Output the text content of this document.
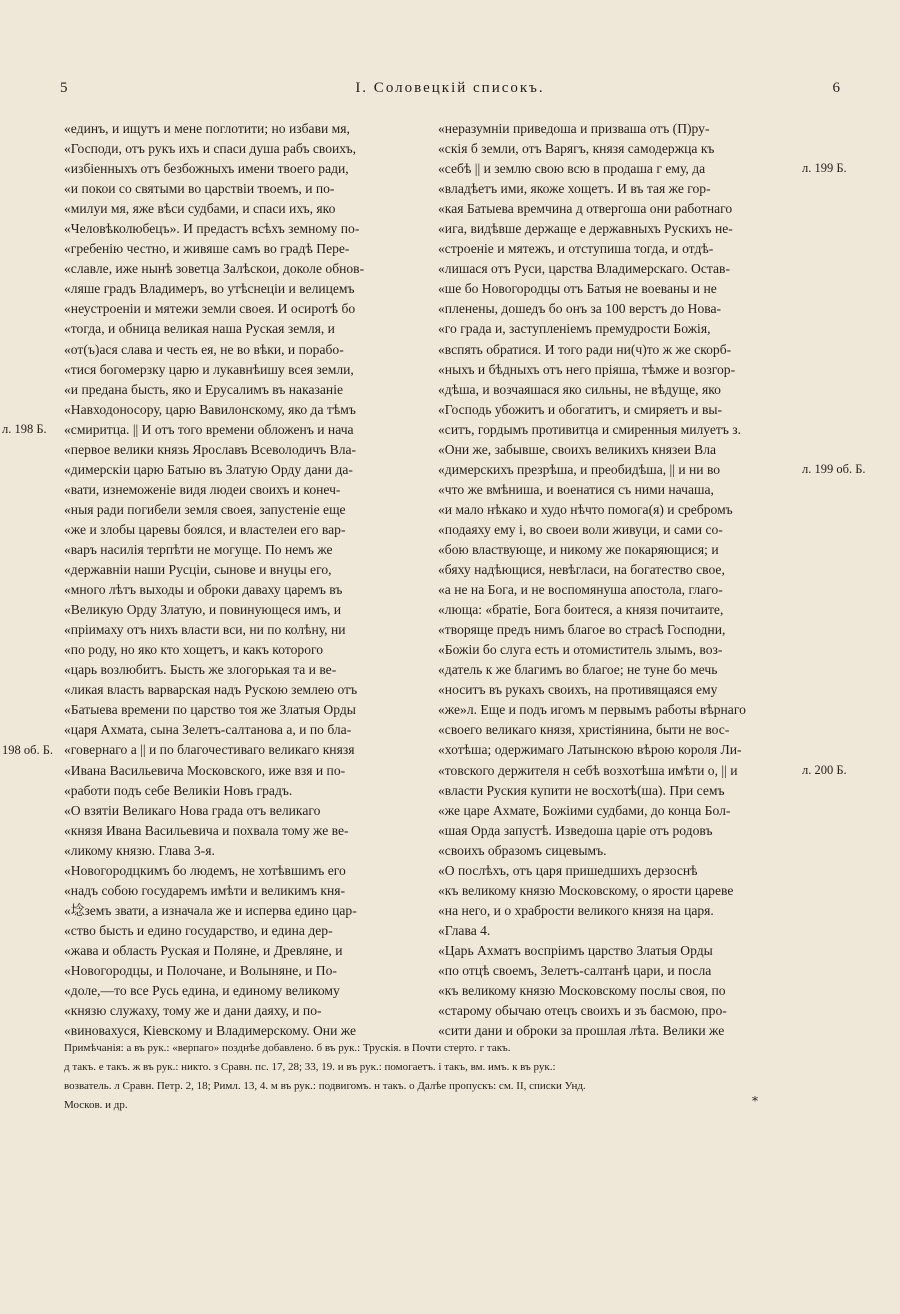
5	I. Соловецкій списокъ.	6
«единъ, и ищутъ и мене поглотити; но избави мя,
«Господи, отъ рукъ ихъ и спаси душа рабъ своихъ,
«избіенныхъ отъ безбожныхъ имени твоего ради,
«и покои со святыми во царствіи твоемъ, и по-
«милуи мя, яже вѣси судбами, и спаси ихъ, яко
«Человѣколюбецъ». И предастъ всѣхъ земному по-
«гребенію честно, и живяше самъ во градѣ Пере-
«славле, иже нынѣ зоветца Залѣскои, доколе обнов-
«ляше градъ Владимеръ, во утѣснеціи и велицемъ
«неустроеніи и мятежи земли своея. И осиротѣ бо
«тогда, и обница великая наша Руская земля, и
«от(ъ)ася слава и честь ея, не во вѣки, и порабо-
«тися богомерзку царю и лукавнѣишу всея земли,
«и предана бысть, яко и Ерусалимъ въ наказаніе
«Навходоносору, царю Вавилонскому, яко да тѣмъ
«смиритца. || И отъ того времени обложенъ и нача
«первое велики князь Ярославъ Всеволодичъ Вла-
«димерскіи царю Батыю въ Златую Орду дани да-
«вати, изнеможеніе видя людеи своихъ и конеч-
«ныя ради погибели земля своея, запустеніе еще
«же и злобы царевы боялся, и властелеи его вар-
«варъ насилія терпѣти не могуще. По немъ же
«державніи наши Русціи, сынове и внуцы его,
«много лѣтъ выходы и оброки даваху царемъ въ
«Великую Орду Златую, и повинующеся имъ, и
«пріимаху отъ нихъ власти вси, ни по колѣну, ни
«по роду, но яко кто хощетъ, и какъ которого
«царь возлюбитъ. Бысть же злогорькая та и ве-
«ликая власть варварская надъ Рускою землею отъ
«Батыева времени по царство тоя же Златыя Орды
«царя Ахмата, сына Зелетъ-салтанова а, и по бла-
«говернаго а || и по благочестиваго великаго князя
«Ивана Васильевича Московского, иже взя и по-
«работи подъ себе Великіи Новъ градъ.
«О взятіи Великаго Нова града отъ великаго
«князя Ивана Васильевича и похвала тому же ве-
«ликому князю. Глава 3-я.
«Новогородцкимъ бо людемъ, не хотѣвшимъ его
«надъ собою государемъ имѣти и великимъ кня-
«埝земъ звати, а изначала же и исперва едино цар-
«ство бысть и едино государство, и едина дер-
«жава и область Руская и Поляне, и Древляне, и
«Новогородцы, и Полочане, и Волыняне, и По-
«доле,—то все Русь едина, и единому великому
«князю служаху, тому же и дани даяху, и по-
«виновахуся, Кіевскому и Владимерскому. Они же
«неразумніи приведоша и призваша отъ (П)ру-
«скія б земли, отъ Варягъ, князя самодержца къ
«себѣ || и землю свою всю в продаша г ему, да
«владѣетъ ими, якоже хощетъ. И въ тая же гор-
«кая Батыева времчина д отвергоша они работнаго
«ига, видѣвше держаще е державныхъ Рускихъ не-
«строеніе и мятежъ, и отступиша тогда, и отдѣ-
«лишася отъ Руси, царства Владимерскаго. Остав-
«ше бо Новогородцы отъ Батыя не воеваны и не
«пленены, дошедъ бо онъ за 100 верстъ до Нова-
«го града и, заступленіемъ премудрости Божія,
«вспять обратися. И того ради ни(ч)то ж же скорб-
«ныхъ и бѣдныхъ отъ него пріяша, тѣмже и возгор-
«дѣша, и возчаяшася яко сильны, не вѣдуще, яко
«Господь убожитъ и обогатитъ, и смиряетъ и вы-
«ситъ, гордымъ противитца и смиренныя милуетъ з.
«Они же, забывше, своихъ великихъ князеи Вла
«димерскихъ презрѣша, и преобидѣша, || и ни во
«что же вмѣниша, и военатися съ ними начаша,
«и мало нѣкако и худо нѣчто помога(я) и сребромъ
«подаяху ему і, во своеи воли живуци, и сами со-
«бою властвующе, и никому же покаряющися; и
«бяху надѣющися, невѣгласи, на богатество свое,
«а не на Бога, и не воспомянуша апостола, глаго-
«люща: «братіе, Бога боитеся, а князя почитаите,
«творяще предъ нимъ благое во страсѣ Господни,
«Божіи бо слуга есть и отомиститель злымъ, воз-
«датель к же благимъ во благое; не туне бо мечь
«носитъ въ рукахъ своихъ, на противящаяся ему
«же»л. Еще и подъ игомъ м первымъ работы вѣрнаго
«своего великаго князя, христіянина, быти не вос-
«хотѣша; одержимаго Латынскою вѣрою короля Ли-
«товского держителя н себѣ возхотѣша имѣти о, || и
«власти Руския купити не восхотѣ(ша). При семъ
«же царе Ахмате, Божіими судбами, до конца Бол-
«шая Орда запустѣ. Изведоша царіе отъ родовъ
«своихъ образомъ сицевымъ.
«О послѣхъ, отъ царя пришедшихъ дерзоснѣ
«къ великому князю Московскому, о ярости цареве
«на него, и о храбрости великого князя на царя.
«Глава 4.
«Царь Ахматъ воспріимъ царство Златыя Орды
«по отцѣ своемъ, Зелетъ-салтанѣ цари, и посла
«къ великому князю Московскому послы своя, по
«старому обычаю отецъ своихъ и зъ басмою, про-
«сити дани и оброки за прошлая лѣта. Велики же
л. 198 Б.
198 об. Б.
л. 199 Б.
л. 199 об. Б.
л. 200 Б.
Примѣчанія: а въ рук.: «верпаго» позднѣе добавлено. б въ рук.: Трускія. в Почти стерто. г такъ.
д такъ. е такъ. ж въ рук.: никто. з Сравн. пс. 17, 28; 33, 19. и въ рук.: помогаетъ. і такъ, вм. имъ. к въ рук.:
возватель. л Сравн. Петр. 2, 18; Римл. 13, 4. м въ рук.: подвигомъ. н такъ. о Далѣе пропускъ: см. II, списки Унд.
Москов. и др.	*
